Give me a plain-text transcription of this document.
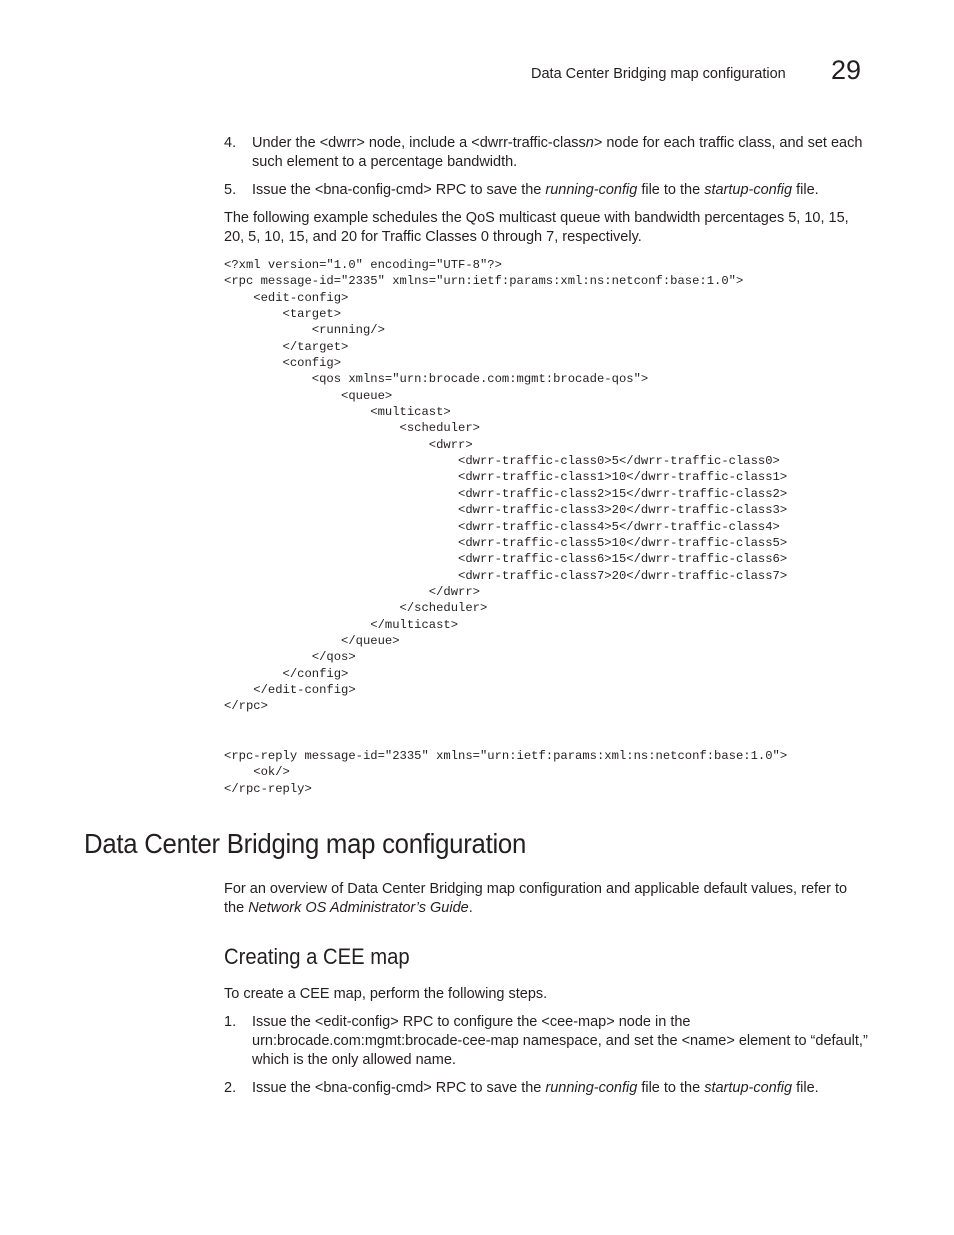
Data Center Bridging map configuration 29
4. Under the <dwrr> node, include a <dwrr-traffic-classn> node for each traffic class, and set each such element to a percentage bandwidth.
5. Issue the <bna-config-cmd> RPC to save the running-config file to the startup-config file.

The following example schedules the QoS multicast queue with bandwidth percentages 5, 10, 15, 20, 5, 10, 15, and 20 for Traffic Classes 0 through 7, respectively.

<?xml version="1.0" encoding="UTF-8"?>
<rpc message-id="2335" xmlns="urn:ietf:params:xml:ns:netconf:base:1.0">
<edit-config>
<target>
<running/>
</target>
<config>
<qos xmlns="urn:brocade.com:mgmt:brocade-qos">
<queue>
<multicast>
<scheduler>
<dwrr>
<dwrr-traffic-class0>5</dwrr-traffic-class0>
<dwrr-traffic-class1>10</dwrr-traffic-class1>
<dwrr-traffic-class2>15</dwrr-traffic-class2>
<dwrr-traffic-class3>20</dwrr-traffic-class3>
<dwrr-traffic-class4>5</dwrr-traffic-class4>
<dwrr-traffic-class5>10</dwrr-traffic-class5>
<dwrr-traffic-class6>15</dwrr-traffic-class6>
<dwrr-traffic-class7>20</dwrr-traffic-class7>
</dwrr>
</scheduler>
</multicast>
</queue>
</qos>
</config>
</edit-config>
</rpc>
<rpc-reply message-id="2335" xmlns="urn:ietf:params:xml:ns:netconf:base:1.0">
<ok/>
</rpc-reply>
Data Center Bridging map configuration
For an overview of Data Center Bridging map configuration and applicable default values, refer to the Network OS Administrator’s Guide.
Creating a CEE map

To create a CEE map, perform the following steps.

1. Issue the <edit-config> RPC to configure the <cee-map> node in the urn:brocade.com:mgmt:brocade-cee-map namespace, and set the <name> element to “default,” which is the only allowed name.
2. Issue the <bna-config-cmd> RPC to save the running-config file to the startup-config file.
